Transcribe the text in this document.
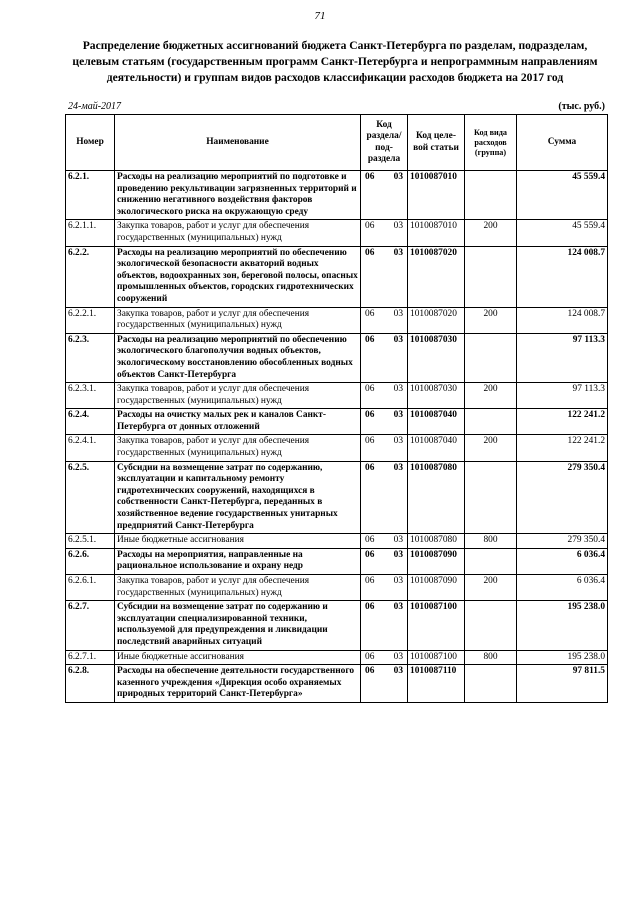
71
Распределение бюджетных ассигнований бюджета Санкт-Петербурга по разделам, подразделам, целевым статьям (государственным программ Санкт-Петербурга и непрограммным направлениям деятельности) и группам видов расходов классификации расходов бюджета на 2017 год
24-май-2017	(тыс. руб.)
Номер	Наименование	Код раздела/ под- раздела	Код целе- вой статьи	Код вида расходов (группа)	Сумма
6.2.1.	Расходы на реализацию мероприятий по подготовке и проведению рекультивации загрязненных территорий и снижению негативного воздействия факторов экологического риска на окружающую среду	06 03	1010087010		45 559.4
6.2.1.1.	Закупка товаров, работ и услуг для обеспечения государственных (муниципальных) нужд	06 03	1010087010	200	45 559.4
6.2.2.	Расходы на реализацию мероприятий по обеспечению экологической безопасности акваторий водных объектов, водоохранных зон, береговой полосы, опасных промышленных объектов, городских гидротехнических сооружений	06 03	1010087020		124 008.7
6.2.2.1.	Закупка товаров, работ и услуг для обеспечения государственных (муниципальных) нужд	06 03	1010087020	200	124 008.7
6.2.3.	Расходы на реализацию мероприятий по обеспечению экологического благополучия водных объектов, экологическому восстановлению обособленных водных объектов Санкт-Петербурга	06 03	1010087030		97 113.3
6.2.3.1.	Закупка товаров, работ и услуг для обеспечения государственных (муниципальных) нужд	06 03	1010087030	200	97 113.3
6.2.4.	Расходы на очистку малых рек и каналов Санкт-Петербурга от донных отложений	06 03	1010087040		122 241.2
6.2.4.1.	Закупка товаров, работ и услуг для обеспечения государственных (муниципальных) нужд	06 03	1010087040	200	122 241.2
6.2.5.	Субсидии на возмещение затрат по содержанию, эксплуатации и капитальному ремонту гидротехнических сооружений, находящихся в собственности Санкт-Петербурга, переданных в хозяйственное ведение государственных унитарных предприятий Санкт-Петербурга	06 03	1010087080		279 350.4
6.2.5.1.	Иные бюджетные ассигнования	06 03	1010087080	800	279 350.4
6.2.6.	Расходы на мероприятия, направленные на рациональное использование и охрану недр	06 03	1010087090		6 036.4
6.2.6.1.	Закупка товаров, работ и услуг для обеспечения государственных (муниципальных) нужд	06 03	1010087090	200	6 036.4
6.2.7.	Субсидии на возмещение затрат по содержанию и эксплуатации специализированной техники, используемой для предупреждения и ликвидации последствий аварийных ситуаций	06 03	1010087100		195 238.0
6.2.7.1.	Иные бюджетные ассигнования	06 03	1010087100	800	195 238.0
6.2.8.	Расходы на обеспечение деятельности государственного казенного учреждения «Дирекция особо охраняемых природных территорий Санкт-Петербурга»	06 03	1010087110		97 811.5
